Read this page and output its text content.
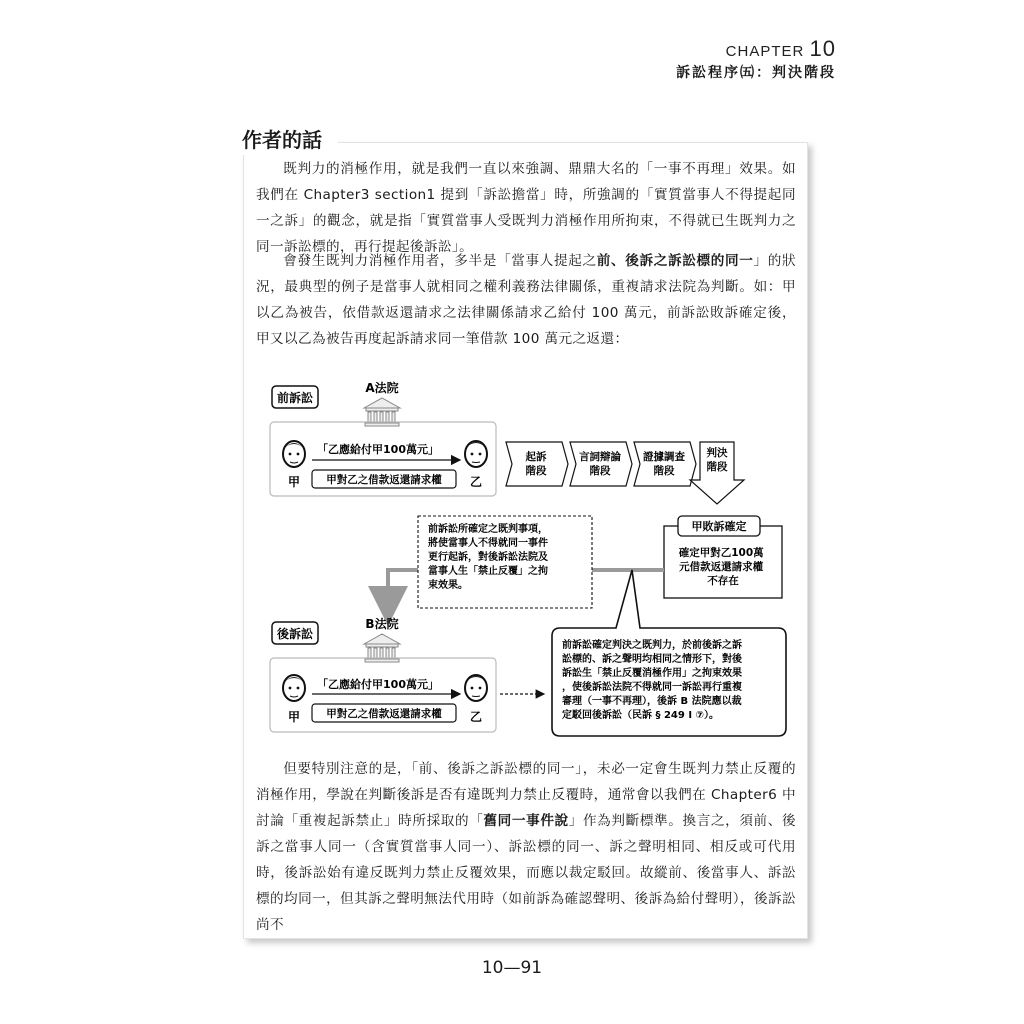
CHAPTER 10
訴訟程序㈤：判決階段
作者的話

既判力的消極作用，就是我們一直以來強調、鼎鼎大名的「一事不再理」效果。如我們在 Chapter3 section1 提到「訴訟擔當」時，所強調的「實質當事人不得提起同一之訴」的觀念，就是指「實質當事人受既判力消極作用所拘束，不得就已生既判力之同一訴訟標的，再行提起後訴訟」。

會發生既判力消極作用者，多半是「當事人提起之前、後訴之訴訟標的同一」的狀況，最典型的例子是當事人就相同之權利義務法律關係，重複請求法院為判斷。如：甲以乙為被告，依借款返還請求之法律關係請求乙給付 100 萬元，前訴訟敗訴確定後，甲又以乙為被告再度起訴請求同一筆借款 100 萬元之返還：

前訴訟
A法院
甲	乙
「乙應給付甲100萬元」
甲對乙之借款返還請求權
起訴階段
言詞辯論階段
證據調查階段
判決階段
甲敗訴確定
確定甲對乙100萬 元借款返還請求權 不存在
前訴訟所確定之既判事項， 將使當事人不得就同一事件 更行起訴，對後訴訟法院及 當事人生「禁止反覆」之拘 束效果。
後訴訟
B法院
甲	乙
「乙應給付甲100萬元」
甲對乙之借款返還請求權
前訴訟確定判決之既判力，於前後訴之訴 訟標的、訴之聲明均相同之情形下，對後 訴訟生「禁止反覆消極作用」之拘束效果 ，使後訴訟法院不得就同一訴訟再行重複 審理（一事不再理），後訴 B 法院應以裁 定駁回後訴訟（民訴 § 249 Ⅰ ⑦）。

但要特別注意的是，「前、後訴之訴訟標的同一」，未必一定會生既判力禁止反覆的消極作用，學說在判斷後訴是否有違既判力禁止反覆時，通常會以我們在 Chapter6 中討論「重複起訴禁止」時所採取的「舊同一事件說」作為判斷標準。換言之，須前、後訴之當事人同一（含實質當事人同一）、訴訟標的同一、訴之聲明相同、相反或可代用時，後訴訟始有違反既判力禁止反覆效果，而應以裁定駁回。故縱前、後當事人、訴訟標的均同一，但其訴之聲明無法代用時（如前訴為確認聲明、後訴為給付聲明），後訴訟尚不

10—91
